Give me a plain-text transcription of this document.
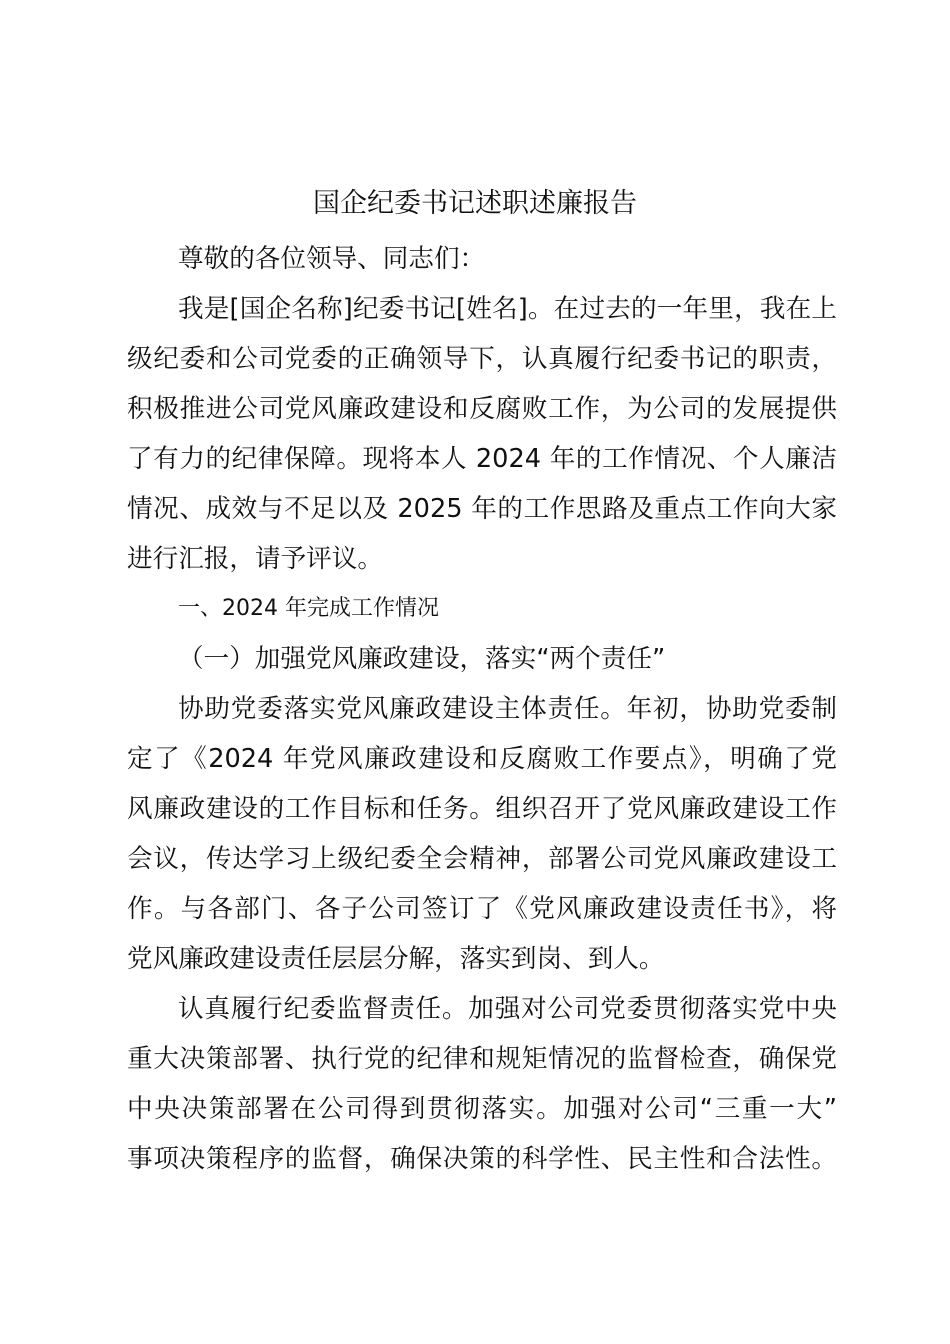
国企纪委书记述职述廉报告
尊敬的各位领导、同志们：
我是[国企名称]纪委书记[姓名]。在过去的一年里，我在上
级纪委和公司党委的正确领导下，认真履行纪委书记的职责，
积极推进公司党风廉政建设和反腐败工作，为公司的发展提供
了有力的纪律保障。现将本人 2024 年的工作情况、个人廉洁
情况、成效与不足以及 2025 年的工作思路及重点工作向大家
进行汇报，请予评议。
一、2024 年完成工作情况
（一）加强党风廉政建设，落实“两个责任”
协助党委落实党风廉政建设主体责任。年初，协助党委制
定了《2024 年党风廉政建设和反腐败工作要点》，明确了党
风廉政建设的工作目标和任务。组织召开了党风廉政建设工作
会议，传达学习上级纪委全会精神，部署公司党风廉政建设工
作。与各部门、各子公司签订了《党风廉政建设责任书》，将
党风廉政建设责任层层分解，落实到岗、到人。
认真履行纪委监督责任。加强对公司党委贯彻落实党中央
重大决策部署、执行党的纪律和规矩情况的监督检查，确保党
中央决策部署在公司得到贯彻落实。加强对公司“三重一大”
事项决策程序的监督，确保决策的科学性、民主性和合法性。
